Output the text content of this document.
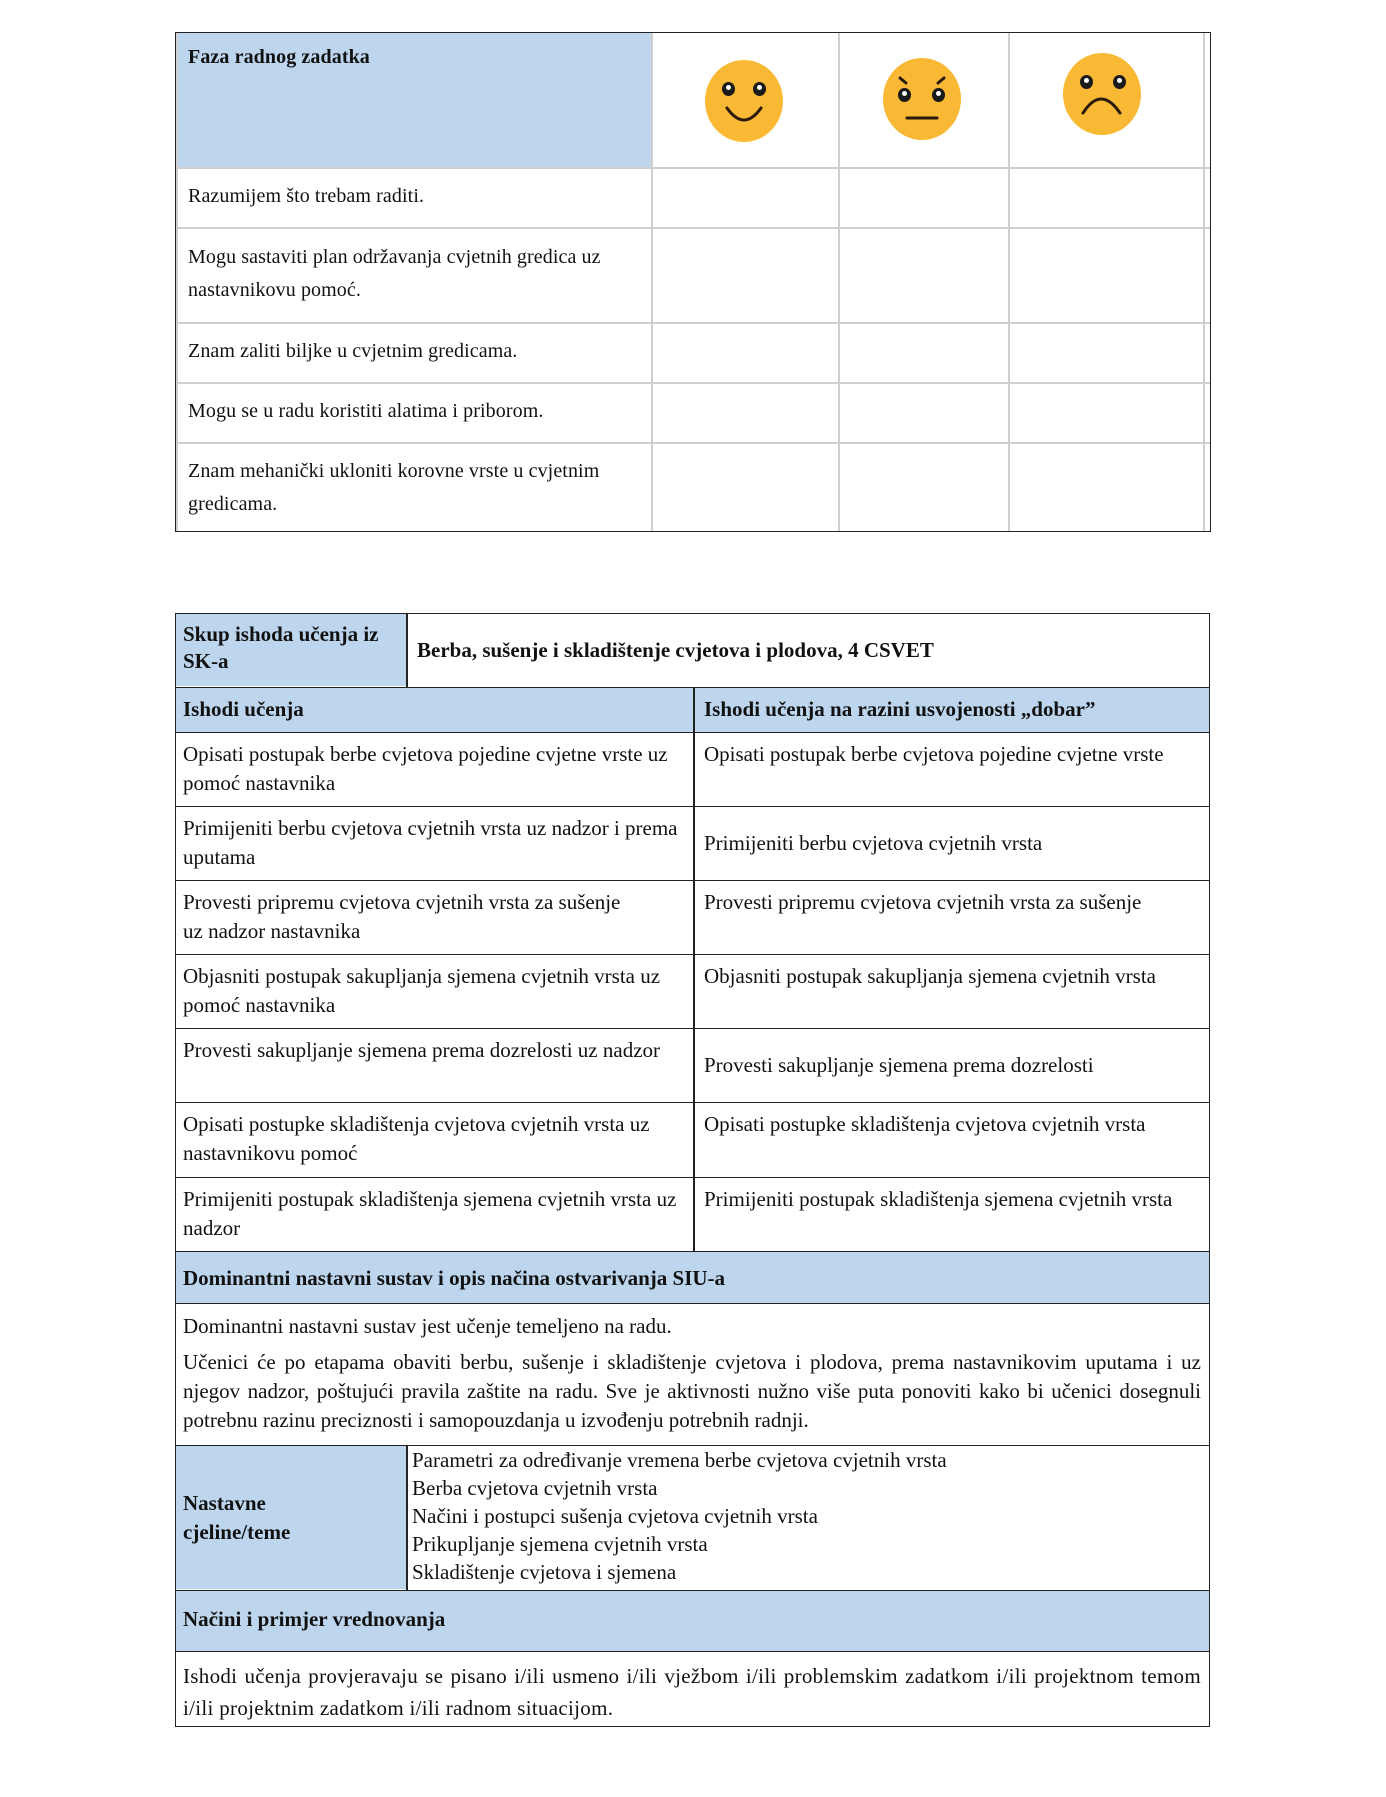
Faza radnog zadatka
Razumijem što trebam raditi.
Mogu sastaviti plan održavanja cvjetnih gredica uz nastavnikovu pomoć.
Znam zaliti biljke u cvjetnim gredicama.
Mogu se u radu koristiti alatima i priborom.
Znam mehanički ukloniti korovne vrste u cvjetnim gredicama.
Skup ishoda učenja iz SK-a	Berba, sušenje i skladištenje cvjetova i plodova, 4 CSVET
Ishodi učenja	Ishodi učenja na razini usvojenosti „dobar”
Opisati postupak berbe cvjetova pojedine cvjetne vrste uz pomoć nastavnika
Opisati postupak berbe cvjetova pojedine cvjetne vrste
Primijeniti berbu cvjetova cvjetnih vrsta uz nadzor i prema uputama
Primijeniti berbu cvjetova cvjetnih vrsta
Provesti pripremu cvjetova cvjetnih vrsta za sušenje uz nadzor nastavnika
Provesti pripremu cvjetova cvjetnih vrsta za sušenje
Objasniti postupak sakupljanja sjemena cvjetnih vrsta uz pomoć nastavnika
Objasniti postupak sakupljanja sjemena cvjetnih vrsta
Provesti sakupljanje sjemena prema dozrelosti uz nadzor
Provesti sakupljanje sjemena prema dozrelosti
Opisati postupke skladištenja cvjetova cvjetnih vrsta uz nastavnikovu pomoć
Opisati postupke skladištenja cvjetova cvjetnih vrsta
Primijeniti postupak skladištenja sjemena cvjetnih vrsta uz nadzor
Primijeniti postupak skladištenja sjemena cvjetnih vrsta
Dominantni nastavni sustav i opis načina ostvarivanja SIU-a
Dominantni nastavni sustav jest učenje temeljeno na radu.
Učenici će po etapama obaviti berbu, sušenje i skladištenje cvjetova i plodova, prema nastavnikovim uputama i uz njegov nadzor, poštujući pravila zaštite na radu. Sve je aktivnosti nužno više puta ponoviti kako bi učenici dosegnuli potrebnu razinu preciznosti i samopouzdanja u izvođenju potrebnih radnji.
Nastavne cjeline/teme
Parametri za određivanje vremena berbe cvjetova cvjetnih vrsta
Berba cvjetova cvjetnih vrsta
Načini i postupci sušenja cvjetova cvjetnih vrsta
Prikupljanje sjemena cvjetnih vrsta
Skladištenje cvjetova i sjemena
Načini i primjer vrednovanja
Ishodi učenja provjeravaju se pisano i/ili usmeno i/ili vježbom i/ili problemskim zadatkom i/ili projektnom temom i/ili projektnim zadatkom i/ili radnom situacijom.
